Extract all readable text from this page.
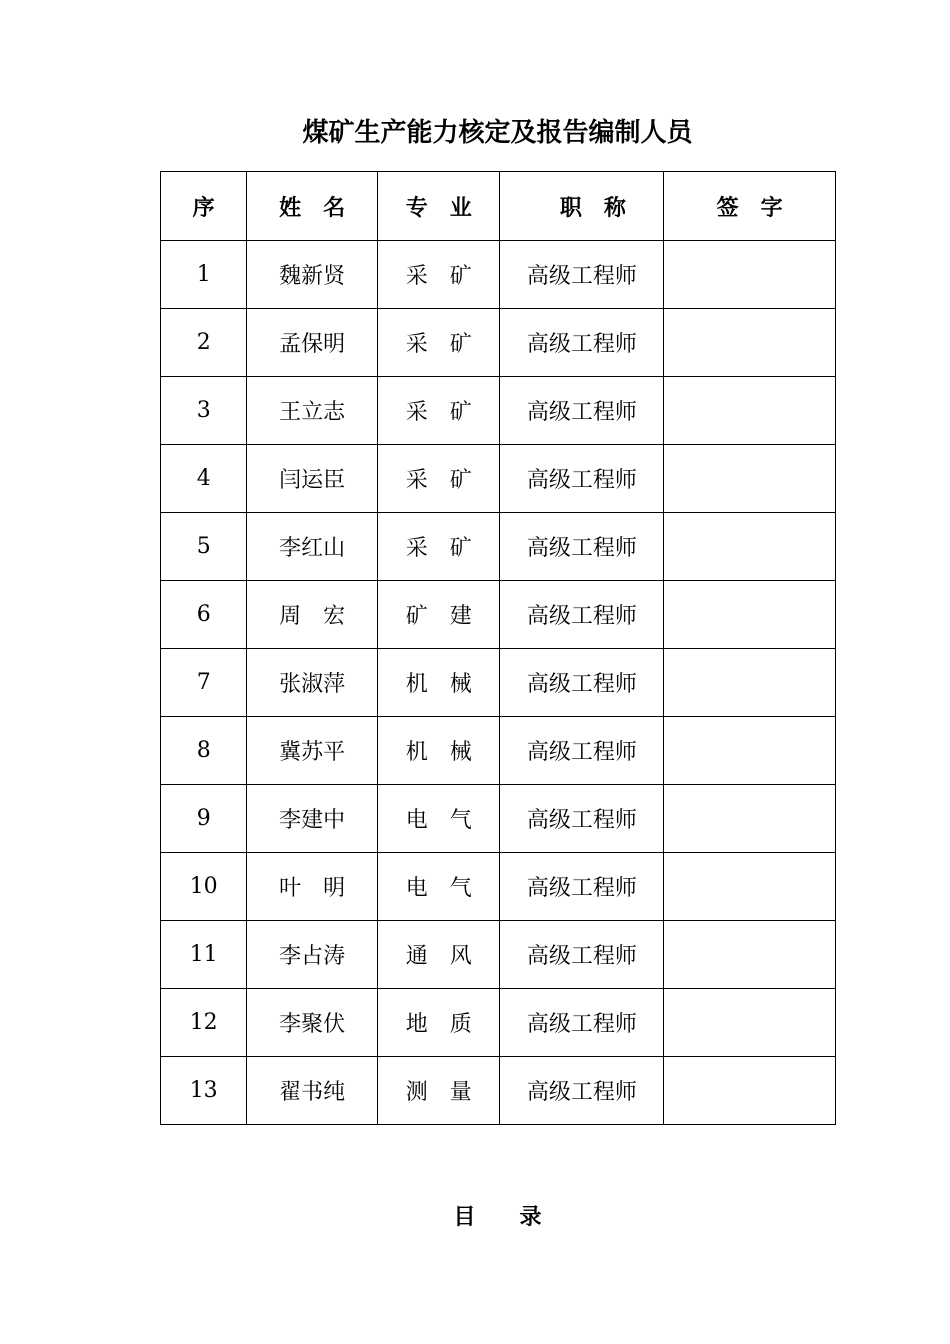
煤矿生产能力核定及报告编制人员
序	姓　名	专　业	　职　称	签　字
1	魏新贤	采　矿	高级工程师	
2	孟保明	采　矿	高级工程师	
3	王立志	采　矿	高级工程师	
4	闫运臣	采　矿	高级工程师	
5	李红山	采　矿	高级工程师	
6	周　宏	矿　建	高级工程师	
7	张淑萍	机　械	高级工程师	
8	冀苏平	机　械	高级工程师	
9	李建中	电　气	高级工程师	
10	叶　明	电　气	高级工程师	
11	李占涛	通　风	高级工程师	
12	李聚伏	地　质	高级工程师	
13	翟书纯	测　量	高级工程师	
目　　录
